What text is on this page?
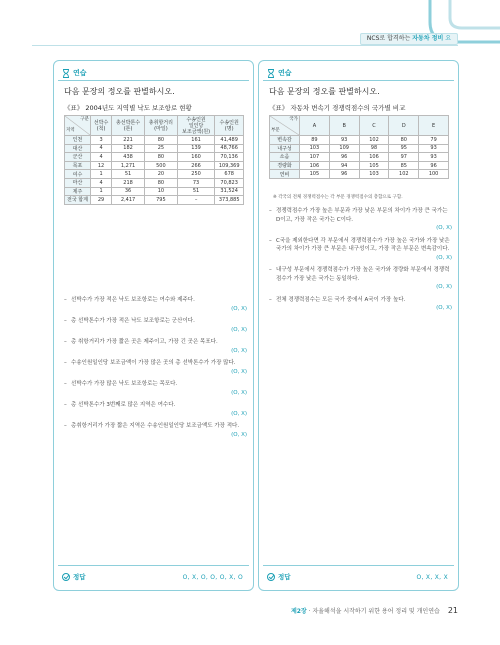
NCS로 합격하는 자동차 정비 요
연습
다음 문장의 정오를 판별하시오.
《표》 2004년도 지역별 낙도 보조항로 현황
구분
지역	선박수
(척)	총선박톤수
(톤)	총취항거리
(마일)	수송인원
일인당
보조금액(원)	수송인원
(명)
인천	3	221	80	161	41,489
대산	4	182	25	139	48,766
군산	4	438	80	160	70,136
목포	12	1,271	500	266	109,369
여수	1	51	20	250	678
마산	4	218	80	73	70,823
제주	1	36	10	51	31,524
전국 합계	29	2,417	795	–	373,885
– 선박수가 가장 적은 낙도 보조항로는 여수와 제주다.
(O, X)
– 총 선박톤수가 가장 적은 낙도 보조항로는 군산이다.
(O, X)
– 총 취항거리가 가장 짧은 곳은 제주이고, 가장 긴 곳은 목포다.
(O, X)
– 수송인원일인당 보조금액이 가장 많은 곳의 총 선박톤수가 가장 많다.
(O, X)
– 선박수가 가장 많은 낙도 보조항로는 목포다.
(O, X)
– 총 선박톤수가 3번째로 많은 지역은 여수다.
(O, X)
– 총취항거리가 가장 짧은 지역은 수송인원일인당 보조금액도 가장 적다.
(O, X)
정답	O, X, O, O, O, X, O
연습
다음 문장의 정오를 판별하시오.
《표》 자동차 변속기 경쟁력점수의 국가별 비교
국가
부문	A	B	C	D	E
변속감	89	93	102	80	79
내구성	103	109	98	95	93
소음	107	96	106	97	93
경량화	106	94	105	85	96
연비	105	96	103	102	100
※ 각국의 전체 경쟁력점수는 각 부문 경쟁력점수의 총합으로 구함.
– 경쟁력점수가 가장 높은 부문과 가장 낮은 부문의 차이가 가장 큰 국가는 D이고, 가장 작은 국가는 C이다.
(O, X)
– C국을 제외한다면 각 부문에서 경쟁력점수가 가장 높은 국가와 가장 낮은 국가의 차이가 가장 큰 부문은 내구성이고, 가장 작은 부문은 변속감이다.
(O, X)
– 내구성 부문에서 경쟁력점수가 가장 높은 국가와 경량화 부문에서 경쟁력점수가 가장 낮은 국가는 동일하다.
(O, X)
– 전체 경쟁력점수는 모든 국가 중에서 A국이 가장 높다.
(O, X)
정답	O, X, X, X
제2장 · 자율해석을 시작하기 위한 용어 정리 및 개인연습 21
